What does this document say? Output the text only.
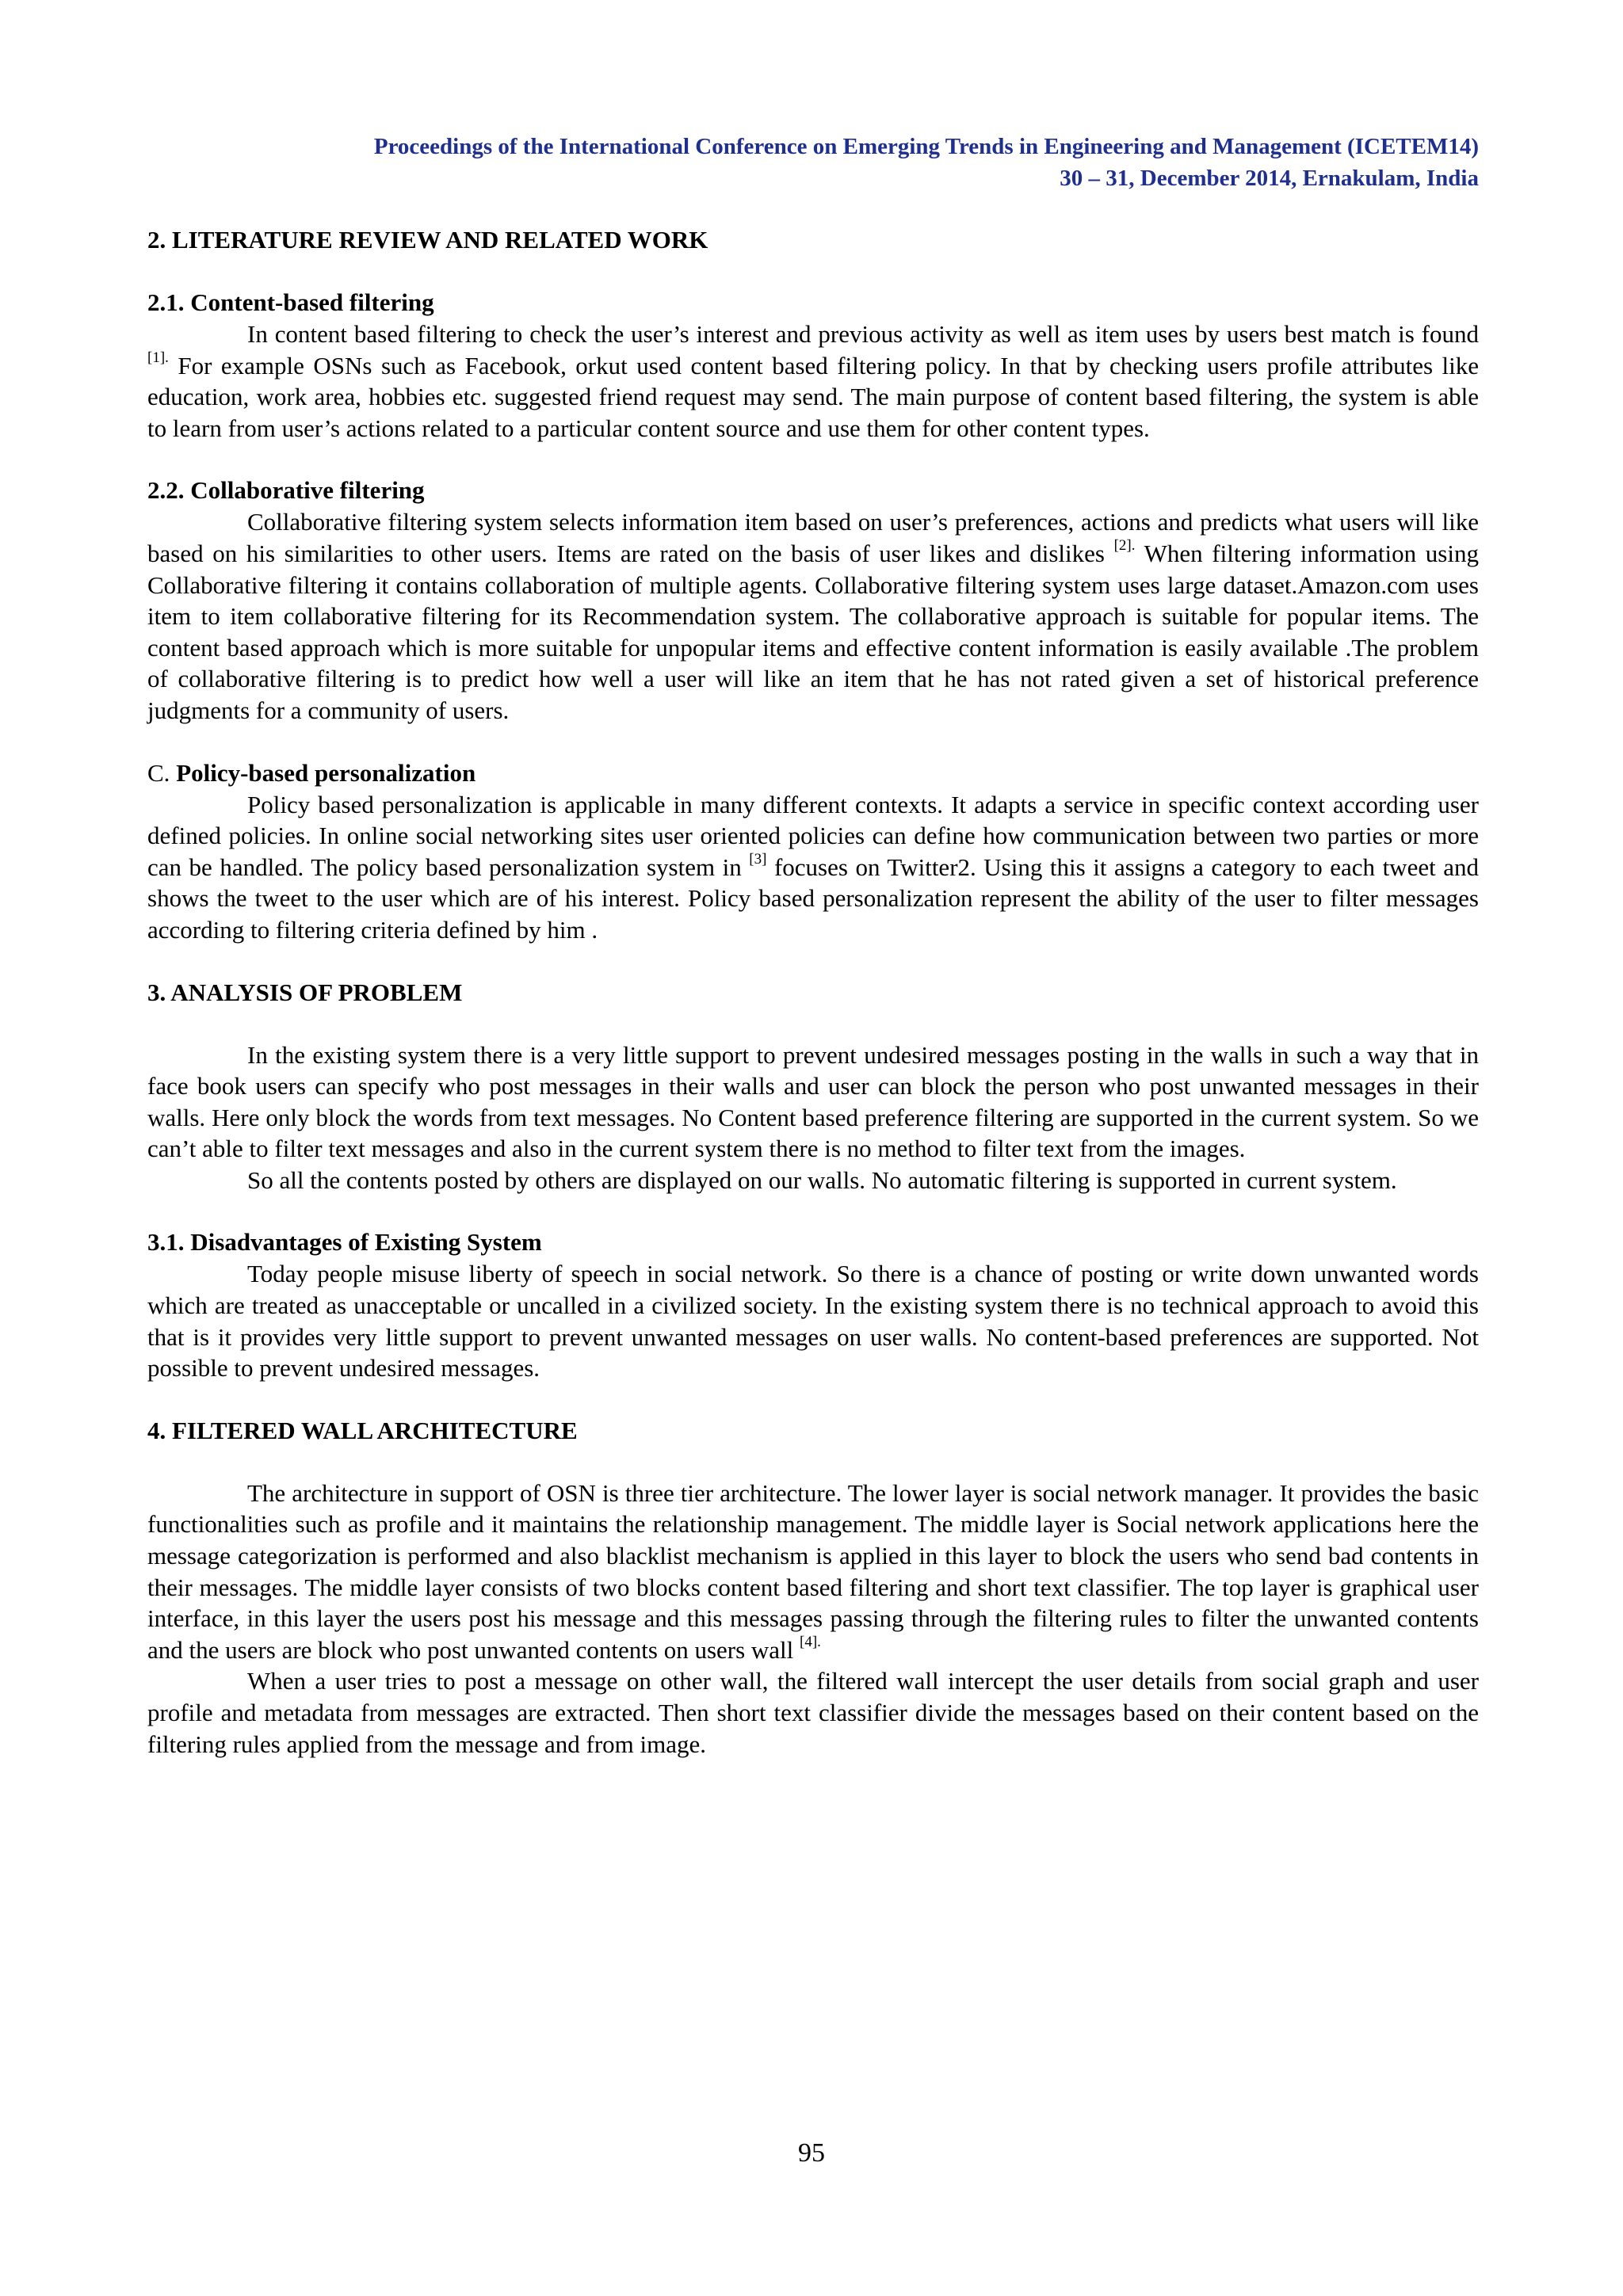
Proceedings of the International Conference on Emerging Trends in Engineering and Management (ICETEM14)
30 – 31, December 2014, Ernakulam, India
2. LITERATURE REVIEW AND RELATED WORK
2.1. Content-based filtering

In content based filtering to check the user’s interest and previous activity as well as item uses by users best match is found $^{[1].}$ For example OSNs such as Facebook, orkut used content based filtering policy. In that by checking users profile attributes like education, work area, hobbies etc. suggested friend request may send. The main purpose of content based filtering, the system is able to learn from user’s actions related to a particular content source and use them for other content types.

2.2. Collaborative filtering

Collaborative filtering system selects information item based on user’s preferences, actions and predicts what users will like based on his similarities to other users. Items are rated on the basis of user likes and dislikes $^{[2].}$ When filtering information using Collaborative filtering it contains collaboration of multiple agents. Collaborative filtering system uses large dataset.Amazon.com uses item to item collaborative filtering for its Recommendation system. The collaborative approach is suitable for popular items. The content based approach which is more suitable for unpopular items and effective content information is easily available .The problem of collaborative filtering is to predict how well a user will like an item that he has not rated given a set of historical preference judgments for a community of users.

C. Policy-based personalization

Policy based personalization is applicable in many different contexts. It adapts a service in specific context according user defined policies. In online social networking sites user oriented policies can define how communication between two parties or more can be handled. The policy based personalization system in [3] focuses on Twitter2. Using this it assigns a category to each tweet and shows the tweet to the user which are of his interest. Policy based personalization represent the ability of the user to filter messages according to filtering criteria defined by him .

3. ANALYSIS OF PROBLEM

In the existing system there is a very little support to prevent undesired messages posting in the walls in such a way that in face book users can specify who post messages in their walls and user can block the person who post unwanted messages in their walls. Here only block the words from text messages. No Content based preference filtering are supported in the current system. So we can’t able to filter text messages and also in the current system there is no method to filter text from the images.

So all the contents posted by others are displayed on our walls. No automatic filtering is supported in current system.

3.1. Disadvantages of Existing System

Today people misuse liberty of speech in social network. So there is a chance of posting or write down unwanted words which are treated as unacceptable or uncalled in a civilized society. In the existing system there is no technical approach to avoid this that is it provides very little support to prevent unwanted messages on user walls. No content-based preferences are supported. Not possible to prevent undesired messages.

4. FILTERED WALL ARCHITECTURE

The architecture in support of OSN is three tier architecture. The lower layer is social network manager. It provides the basic functionalities such as profile and it maintains the relationship management. The middle layer is Social network applications here the message categorization is performed and also blacklist mechanism is applied in this layer to block the users who send bad contents in their messages. The middle layer consists of two blocks content based filtering and short text classifier. The top layer is graphical user interface, in this layer the users post his message and this messages passing through the filtering rules to filter the unwanted contents and the users are block who post unwanted contents on users wall $^{[4].}$

When a user tries to post a message on other wall, the filtered wall intercept the user details from social graph and user profile and metadata from messages are extracted. Then short text classifier divide the messages based on their content based on the filtering rules applied from the message and from image.

95
